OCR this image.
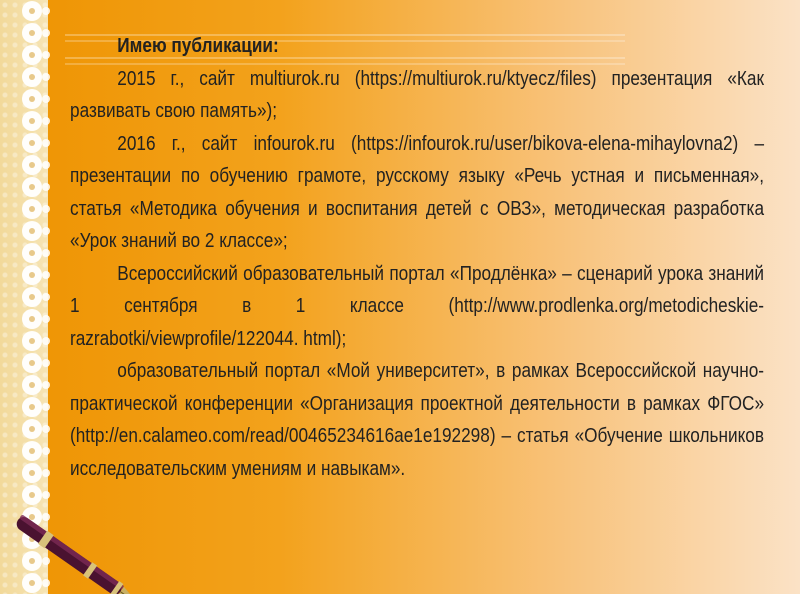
Имею публикации:

2015 г., сайт multiurok.ru (https://multiurok.ru/ktyecz/files) презентация «Как развивать свою память»);

2016 г., сайт infourok.ru (https://infourok.ru/user/bikova-elena-mihaylovna2) – презентации по обучению грамоте, русскому языку «Речь устная и письменная», статья «Методика обучения и воспитания детей с ОВЗ», методическая разработка «Урок знаний во 2 классе»;

Всероссийский образовательный портал «Продлёнка» – сценарий урока знаний 1 сентября в 1 классе (http://www.prodlenka.org/metodicheskie-razrabotki/viewprofile/122044. html);

образовательный портал «Мой университет», в рамках Всероссийской научно-практической конференции «Организация проектной деятельности в рамках ФГОС» (http://en.calameo.com/read/00465234616ae1e192298) – статья «Обучение школьников исследовательским умениям и навыкам».
